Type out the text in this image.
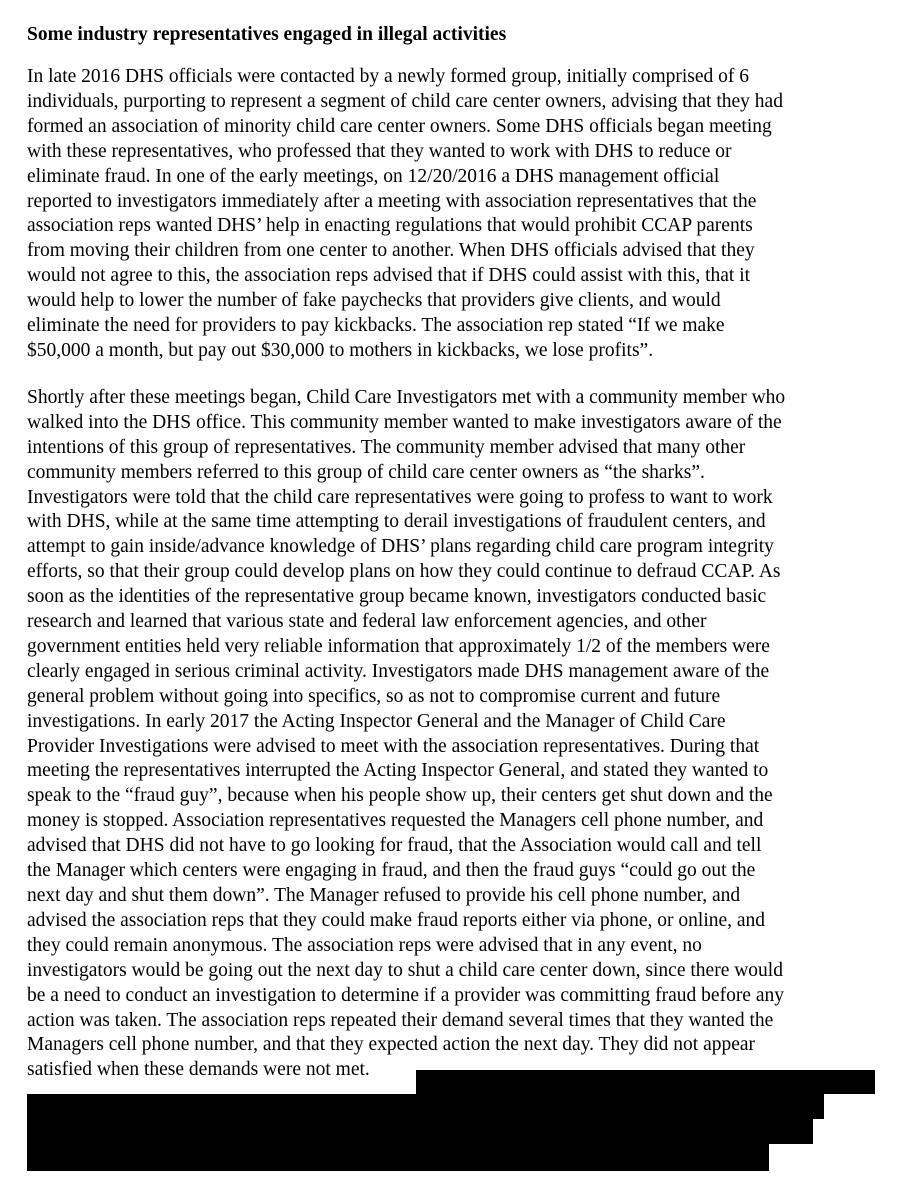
Some industry representatives engaged in illegal activities

In late 2016 DHS officials were contacted by a newly formed group, initially comprised of 6
individuals, purporting to represent a segment of child care center owners, advising that they had
formed an association of minority child care center owners. Some DHS officials began meeting
with these representatives, who professed that they wanted to work with DHS to reduce or
eliminate fraud. In one of the early meetings, on 12/20/2016 a DHS management official
reported to investigators immediately after a meeting with association representatives that the
association reps wanted DHS’ help in enacting regulations that would prohibit CCAP parents
from moving their children from one center to another. When DHS officials advised that they
would not agree to this, the association reps advised that if DHS could assist with this, that it
would help to lower the number of fake paychecks that providers give clients, and would
eliminate the need for providers to pay kickbacks. The association rep stated “If we make
$50,000 a month, but pay out $30,000 to mothers in kickbacks, we lose profits”.

Shortly after these meetings began, Child Care Investigators met with a community member who
walked into the DHS office. This community member wanted to make investigators aware of the
intentions of this group of representatives. The community member advised that many other
community members referred to this group of child care center owners as “the sharks”.
Investigators were told that the child care representatives were going to profess to want to work
with DHS, while at the same time attempting to derail investigations of fraudulent centers, and
attempt to gain inside/advance knowledge of DHS’ plans regarding child care program integrity
efforts, so that their group could develop plans on how they could continue to defraud CCAP. As
soon as the identities of the representative group became known, investigators conducted basic
research and learned that various state and federal law enforcement agencies, and other
government entities held very reliable information that approximately 1/2 of the members were
clearly engaged in serious criminal activity. Investigators made DHS management aware of the
general problem without going into specifics, so as not to compromise current and future
investigations. In early 2017 the Acting Inspector General and the Manager of Child Care
Provider Investigations were advised to meet with the association representatives. During that
meeting the representatives interrupted the Acting Inspector General, and stated they wanted to
speak to the “fraud guy”, because when his people show up, their centers get shut down and the
money is stopped. Association representatives requested the Managers cell phone number, and
advised that DHS did not have to go looking for fraud, that the Association would call and tell
the Manager which centers were engaging in fraud, and then the fraud guys “could go out the
next day and shut them down”. The Manager refused to provide his cell phone number, and
advised the association reps that they could make fraud reports either via phone, or online, and
they could remain anonymous. The association reps were advised that in any event, no
investigators would be going out the next day to shut a child care center down, since there would
be a need to conduct an investigation to determine if a provider was committing fraud before any
action was taken. The association reps repeated their demand several times that they wanted the
Managers cell phone number, and that they expected action the next day. They did not appear
satisfied when these demands were not met.
